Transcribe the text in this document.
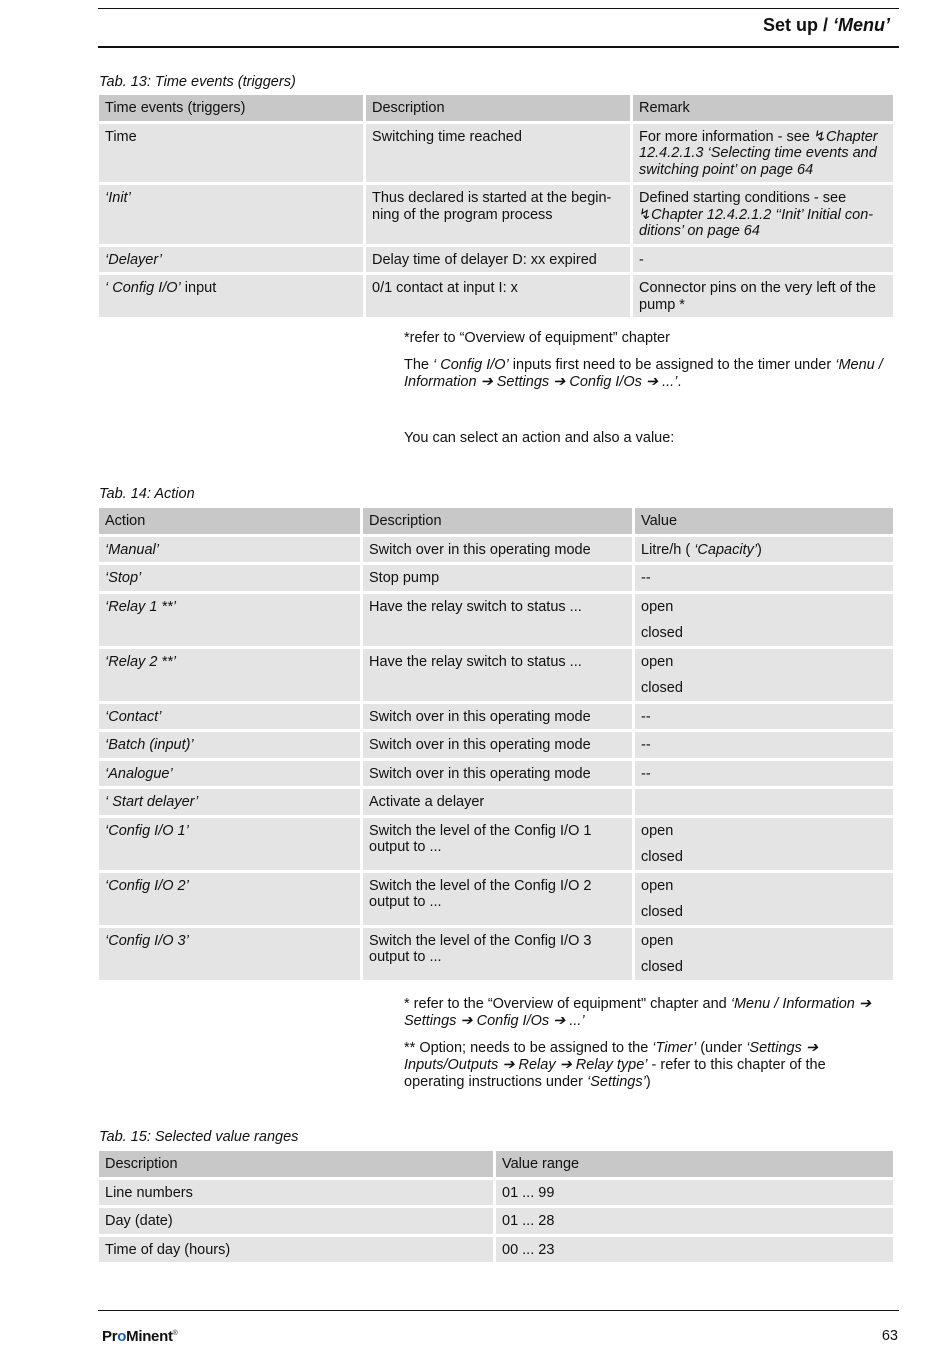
Set up / ‘Menu’
Tab. 13: Time events (triggers)
Time events (triggers)	Description	Remark
Time	Switching time reached	For more information - see ↯Chapter 12.4.2.1.3 ‘Selecting time events and switching point’ on page 64
‘Init’	Thus declared is started at the begin-ning of the program process	Defined starting conditions - see ↯Chapter 12.4.2.1.2 ‘‘Init’ Initial con-ditions’ on page 64
‘Delayer’	Delay time of delayer D: xx expired	-
‘ Config I/O’ input	0/1 contact at input I: x	Connector pins on the very left of the pump *
*refer to “Overview of equipment” chapter
The ‘ Config I/O’ inputs first need to be assigned to the timer under ‘Menu / Information ➔ Settings ➔ Config I/Os ➔ ...’.
You can select an action and also a value:
Tab. 14: Action
Action	Description	Value
‘Manual’	Switch over in this operating mode	Litre/h ( ‘Capacity’)
‘Stop’	Stop pump	--
‘Relay 1 **’	Have the relay switch to status ...	open
closed

‘Relay 2 **’	Have the relay switch to status ...	open
closed

‘Contact’	Switch over in this operating mode	--
‘Batch (input)’	Switch over in this operating mode	--
‘Analogue’	Switch over in this operating mode	--
‘ Start delayer’	Activate a delayer	
‘Config I/O 1’	Switch the level of the Config I/O 1 output to ...	open
closed

‘Config I/O 2’	Switch the level of the Config I/O 2 output to ...	open
closed

‘Config I/O 3’	Switch the level of the Config I/O 3 output to ...	open
closed
* refer to the “Overview of equipment" chapter and ‘Menu / Information ➔ Settings ➔ Config I/Os ➔ ...’
** Option; needs to be assigned to the ‘Timer’ (under ‘Settings ➔ Inputs/Outputs ➔ Relay ➔ Relay type’ - refer to this chapter of the operating instructions under ‘Settings’)
Tab. 15: Selected value ranges
Description	Value range
Line numbers	01 ... 99
Day (date)	01 ... 28
Time of day (hours)	00 ... 23
ProMinent®	63
